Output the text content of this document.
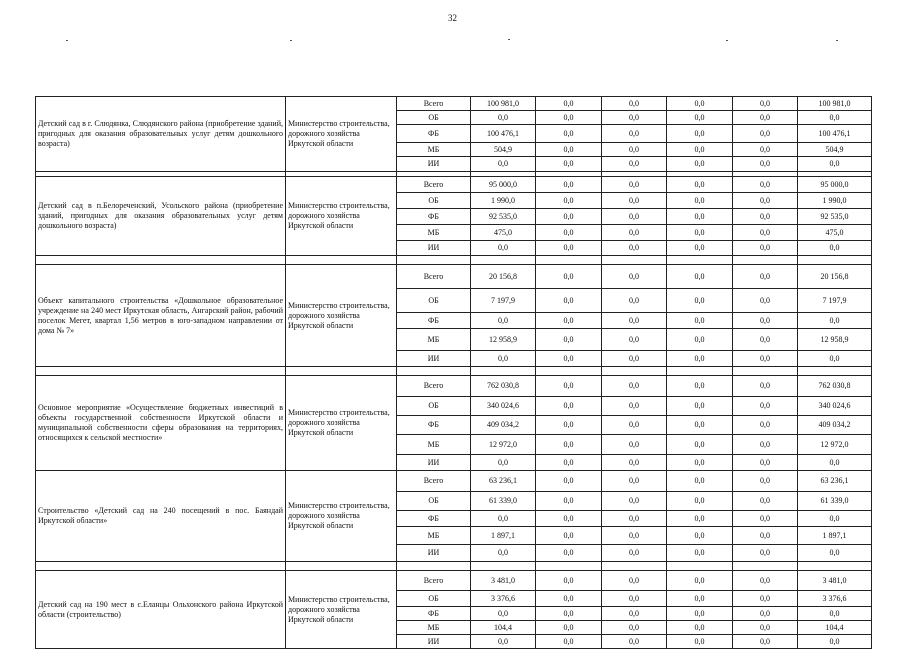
32
Детский сад в г. Слюдянка, Слюдянского района (приобретение зданий, пригодных для оказания образовательных услуг детям дошкольного возраста)	Министерство строительства, дорожного хозяйства Иркутской области	Всего	100 981,0	0,0	0,0	0,0	0,0	100 981,0
		ОБ	0,0	0,0	0,0	0,0	0,0	0,0
		ФБ	100 476,1	0,0	0,0	0,0	0,0	100 476,1
		МБ	504,9	0,0	0,0	0,0	0,0	504,9
		ИИ	0,0	0,0	0,0	0,0	0,0	0,0

Детский сад в п.Белореченский, Усольского района (приобретение зданий, пригодных для оказания образовательных услуг детям дошкольного возраста)	Министерство строительства, дорожного хозяйства Иркутской области	Всего	95 000,0	0,0	0,0	0,0	0,0	95 000,0
		ОБ	1 990,0	0,0	0,0	0,0	0,0	1 990,0
		ФБ	92 535,0	0,0	0,0	0,0	0,0	92 535,0
		МБ	475,0	0,0	0,0	0,0	0,0	475,0
		ИИ	0,0	0,0	0,0	0,0	0,0	0,0

Объект капитального строительства «Дошкольное образовательное учреждение на 240 мест Иркутская область, Ангарский район, рабочий поселок Мегет, квартал 1,56 метров в юго-западном направлении от дома № 7»	Министерство строительства, дорожного хозяйства Иркутской области	Всего	20 156,8	0,0	0,0	0,0	0,0	20 156,8
		ОБ	7 197,9	0,0	0,0	0,0	0,0	7 197,9
		ФБ	0,0	0,0	0,0	0,0	0,0	0,0
		МБ	12 958,9	0,0	0,0	0,0	0,0	12 958,9
		ИИ	0,0	0,0	0,0	0,0	0,0	0,0

Основное мероприятие «Осуществление бюджетных инвестиций в объекты государственной собственности Иркутской области и муниципальной собственности сферы образования на территориях, относящихся к сельской местности»	Министерство строительства, дорожного хозяйства Иркутской области	Всего	762 030,8	0,0	0,0	0,0	0,0	762 030,8
		ОБ	340 024,6	0,0	0,0	0,0	0,0	340 024,6
		ФБ	409 034,2	0,0	0,0	0,0	0,0	409 034,2
		МБ	12 972,0	0,0	0,0	0,0	0,0	12 972,0
		ИИ	0,0	0,0	0,0	0,0	0,0	0,0
Строительство «Детский сад на 240 посещений в пос. Баяндай Иркутской области»	Министерство строительства, дорожного хозяйства Иркутской области	Всего	63 236,1	0,0	0,0	0,0	0,0	63 236,1
		ОБ	61 339,0	0,0	0,0	0,0	0,0	61 339,0
		ФБ	0,0	0,0	0,0	0,0	0,0	0,0
		МБ	1 897,1	0,0	0,0	0,0	0,0	1 897,1
		ИИ	0,0	0,0	0,0	0,0	0,0	0,0

Детский сад на 190 мест в с.Еланцы Ольхонского района Иркутской области (строительство)	Министерство строительства, дорожного хозяйства Иркутской области	Всего	3 481,0	0,0	0,0	0,0	0,0	3 481,0
		ОБ	3 376,6	0,0	0,0	0,0	0,0	3 376,6
		ФБ	0,0	0,0	0,0	0,0	0,0	0,0
		МБ	104,4	0,0	0,0	0,0	0,0	104,4
		ИИ	0,0	0,0	0,0	0,0	0,0	0,0
